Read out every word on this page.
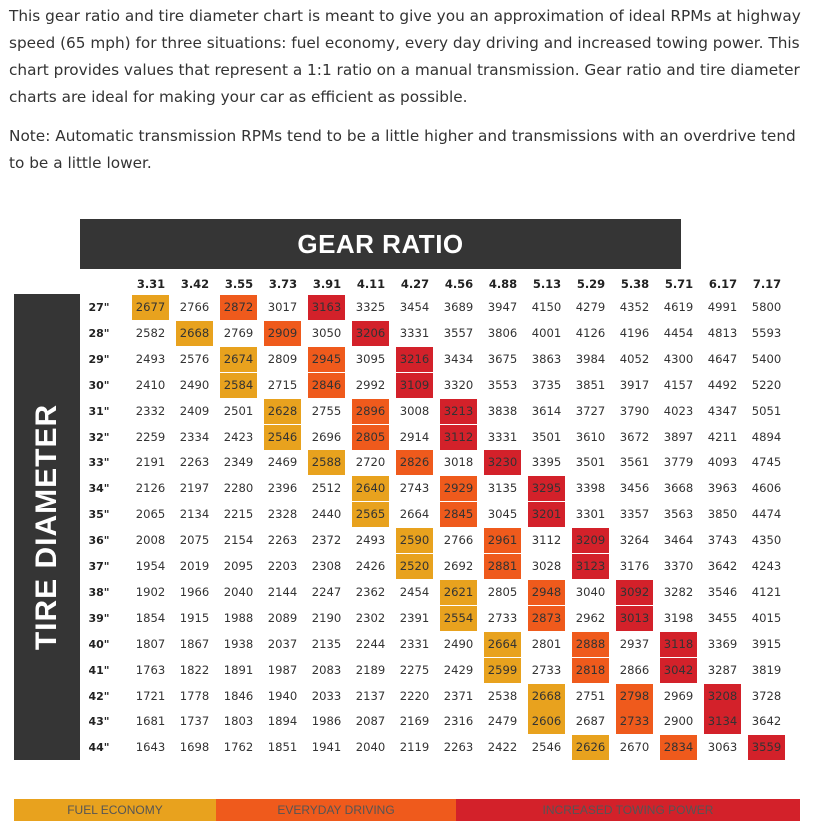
This gear ratio and tire diameter chart is meant to give you an approximation of ideal RPMs at highway speed (65 mph) for three situations: fuel economy, every day driving and increased towing power. This chart provides values that represent a 1:1 ratio on a manual transmission. Gear ratio and tire diameter charts are ideal for making your car as efficient as possible.

Note: Automatic transmission RPMs tend to be a little higher and transmissions with an overdrive tend to be a little lower.

GEAR RATIO
TIRE DIAMETER
3.31	3.42	3.55	3.73	3.91	4.11	4.27	4.56	4.88	5.13	5.29	5.38	5.71	6.17	7.17
27"	2677	2766	2872	3017	3163	3325	3454	3689	3947	4150	4279	4352	4619	4991	5800
28"	2582	2668	2769	2909	3050	3206	3331	3557	3806	4001	4126	4196	4454	4813	5593
29"	2493	2576	2674	2809	2945	3095	3216	3434	3675	3863	3984	4052	4300	4647	5400
30"	2410	2490	2584	2715	2846	2992	3109	3320	3553	3735	3851	3917	4157	4492	5220
31"	2332	2409	2501	2628	2755	2896	3008	3213	3838	3614	3727	3790	4023	4347	5051
32"	2259	2334	2423	2546	2696	2805	2914	3112	3331	3501	3610	3672	3897	4211	4894
33"	2191	2263	2349	2469	2588	2720	2826	3018	3230	3395	3501	3561	3779	4093	4745
34"	2126	2197	2280	2396	2512	2640	2743	2929	3135	3295	3398	3456	3668	3963	4606
35"	2065	2134	2215	2328	2440	2565	2664	2845	3045	3201	3301	3357	3563	3850	4474
36"	2008	2075	2154	2263	2372	2493	2590	2766	2961	3112	3209	3264	3464	3743	4350
37"	1954	2019	2095	2203	2308	2426	2520	2692	2881	3028	3123	3176	3370	3642	4243
38"	1902	1966	2040	2144	2247	2362	2454	2621	2805	2948	3040	3092	3282	3546	4121
39"	1854	1915	1988	2089	2190	2302	2391	2554	2733	2873	2962	3013	3198	3455	4015
40"	1807	1867	1938	2037	2135	2244	2331	2490	2664	2801	2888	2937	3118	3369	3915
41"	1763	1822	1891	1987	2083	2189	2275	2429	2599	2733	2818	2866	3042	3287	3819
42"	1721	1778	1846	1940	2033	2137	2220	2371	2538	2668	2751	2798	2969	3208	3728
43"	1681	1737	1803	1894	1986	2087	2169	2316	2479	2606	2687	2733	2900	3134	3642
44"	1643	1698	1762	1851	1941	2040	2119	2263	2422	2546	2626	2670	2834	3063	3559
FUEL ECONOMY	EVERYDAY DRIVING	INCREASED TOWING POWER
